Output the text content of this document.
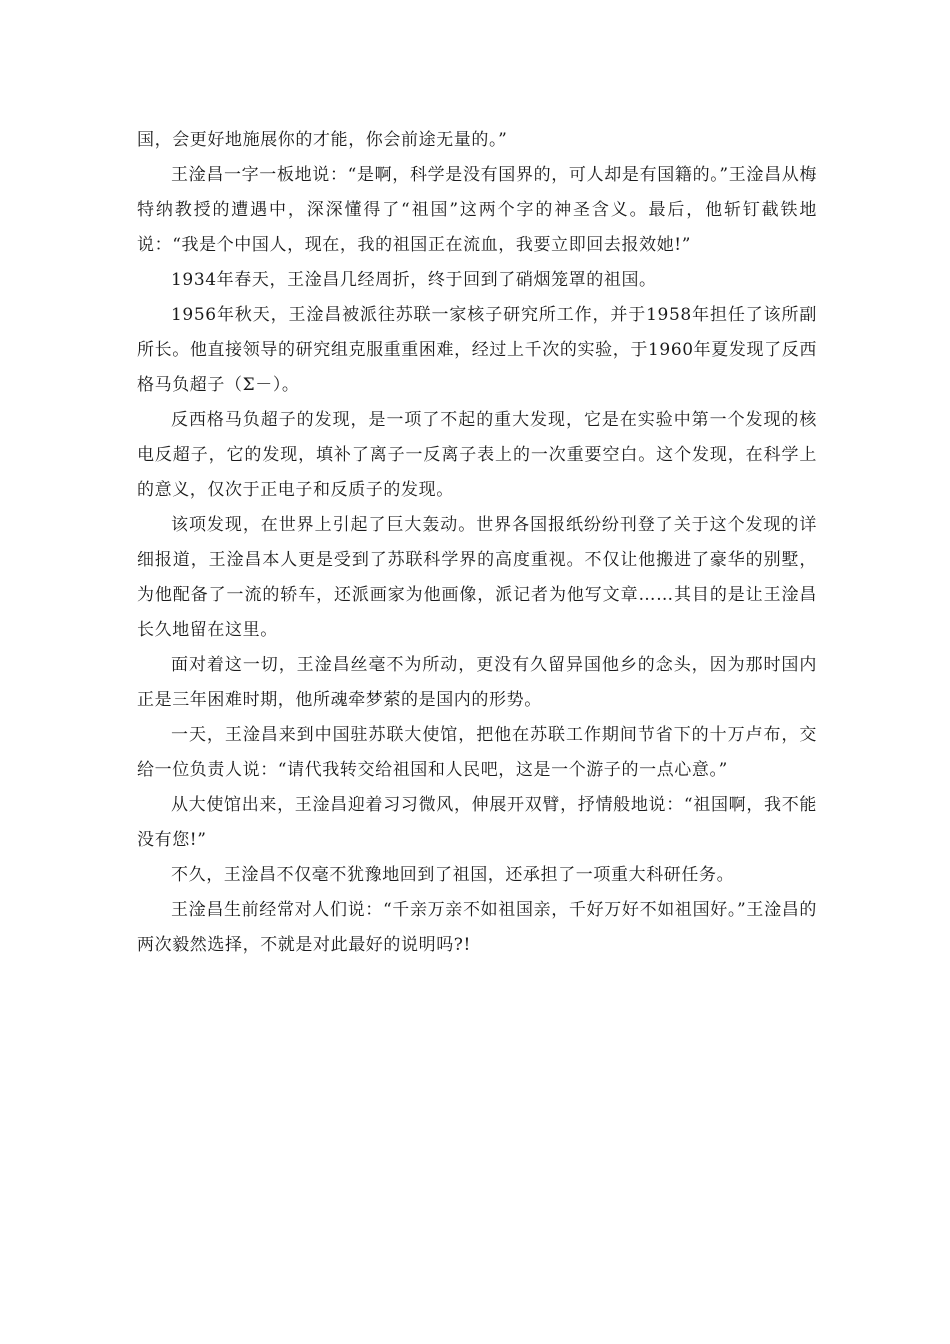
国，会更好地施展你的才能，你会前途无量的。”

王淦昌一字一板地说：“是啊，科学是没有国界的，可人却是有国籍的。”王淦昌从梅特纳教授的遭遇中，深深懂得了“祖国”这两个字的神圣含义。最后，他斩钉截铁地说：“我是个中国人，现在，我的祖国正在流血，我要立即回去报效她!”

1934年春天，王淦昌几经周折，终于回到了硝烟笼罩的祖国。

1956年秋天，王淦昌被派往苏联一家核子研究所工作，并于1958年担任了该所副所长。他直接领导的研究组克服重重困难，经过上千次的实验，于1960年夏发现了反西格马负超子（Σ－）。

反西格马负超子的发现，是一项了不起的重大发现，它是在实验中第一个发现的核电反超子，它的发现，填补了离子一反离子表上的一次重要空白。这个发现，在科学上的意义，仅次于正电子和反质子的发现。

该项发现，在世界上引起了巨大轰动。世界各国报纸纷纷刊登了关于这个发现的详细报道，王淦昌本人更是受到了苏联科学界的高度重视。不仅让他搬进了豪华的别墅，为他配备了一流的轿车，还派画家为他画像，派记者为他写文章……其目的是让王淦昌长久地留在这里。

面对着这一切，王淦昌丝毫不为所动，更没有久留异国他乡的念头，因为那时国内正是三年困难时期，他所魂牵梦萦的是国内的形势。

一天，王淦昌来到中国驻苏联大使馆，把他在苏联工作期间节省下的十万卢布，交给一位负责人说：“请代我转交给祖国和人民吧，这是一个游子的一点心意。”

从大使馆出来，王淦昌迎着习习微风，伸展开双臂，抒情般地说：“祖国啊，我不能没有您!”

不久，王淦昌不仅毫不犹豫地回到了祖国，还承担了一项重大科研任务。

王淦昌生前经常对人们说：“千亲万亲不如祖国亲，千好万好不如祖国好。”王淦昌的两次毅然选择，不就是对此最好的说明吗?!
